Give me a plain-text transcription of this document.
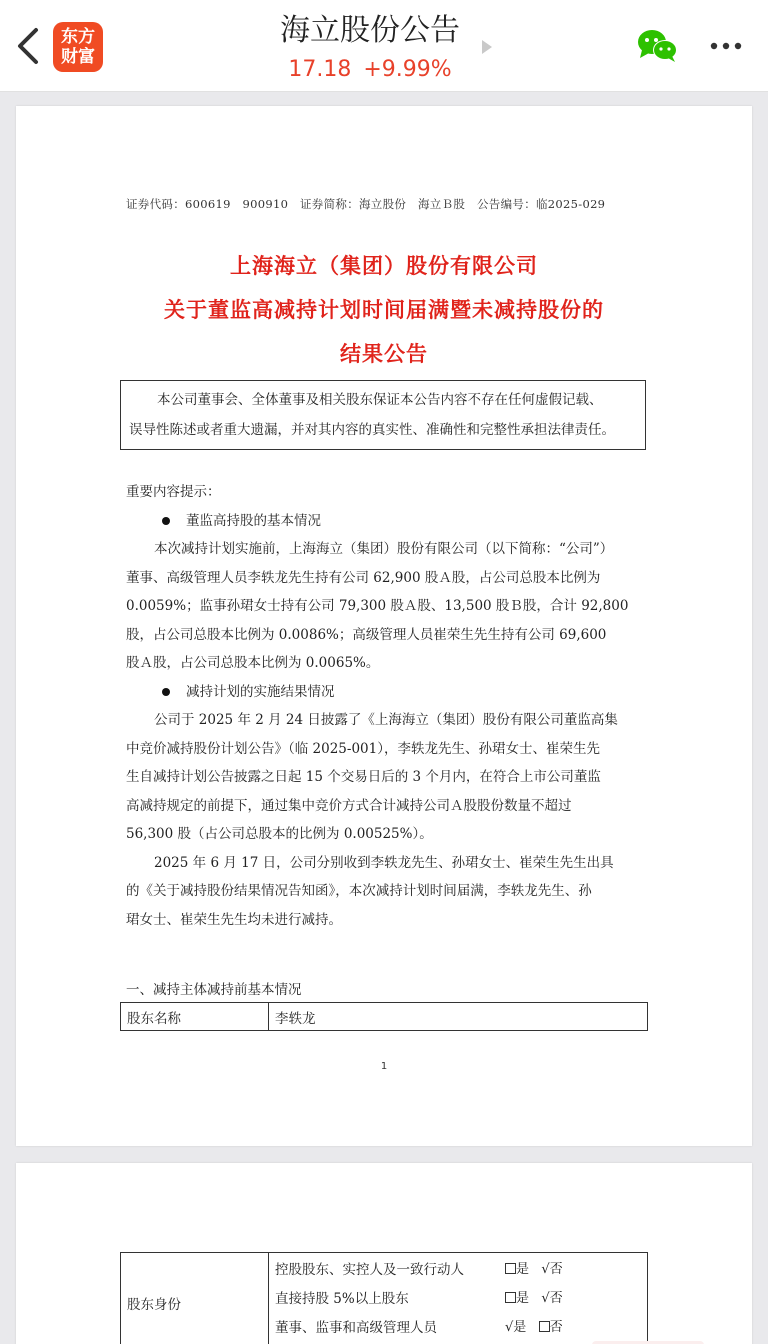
东方
财富
海立股份公告
17.18 +9.99%
证券代码：600619　900910　证券简称：海立股份　海立Ｂ股　公告编号：临2025-029
上海海立（集团）股份有限公司
关于董监高减持计划时间届满暨未减持股份的
结果公告

本公司董事会、全体董事及相关股东保证本公告内容不存在任何虚假记载、

误导性陈述或者重大遗漏，并对其内容的真实性、准确性和完整性承担法律责任。
重要内容提示：
董监高持股的基本情况
本次减持计划实施前，上海海立（集团）股份有限公司（以下简称：“公司”）
董事、高级管理人员李轶龙先生持有公司 62,900 股Ａ股，占公司总股本比例为
0.0059%；监事孙珺女士持有公司 79,300 股Ａ股、13,500 股Ｂ股，合计 92,800
股，占公司总股本比例为 0.0086%；高级管理人员崔荣生先生持有公司 69,600
股Ａ股，占公司总股本比例为 0.0065%。
减持计划的实施结果情况
公司于 2025 年 2 月 24 日披露了《上海海立（集团）股份有限公司董监高集
中竞价减持股份计划公告》（临 2025-001），李轶龙先生、孙珺女士、崔荣生先
生自减持计划公告披露之日起 15 个交易日后的 3 个月内，在符合上市公司董监
高减持规定的前提下，通过集中竞价方式合计减持公司Ａ股股份数量不超过
56,300 股（占公司总股本的比例为 0.00525%）。
2025 年 6 月 17 日，公司分别收到李轶龙先生、孙珺女士、崔荣生先生出具
的《关于减持股份结果情况告知函》，本次减持计划时间届满，李轶龙先生、孙
珺女士、崔荣生先生均未进行减持。
一、减持主体减持前基本情况
股东名称	李轶龙
1
股东身份
控股股东、实控人及一致行动人	是 √否
直接持股 5%以上股东	是 √否
董事、监事和高级管理人员	√是 否
